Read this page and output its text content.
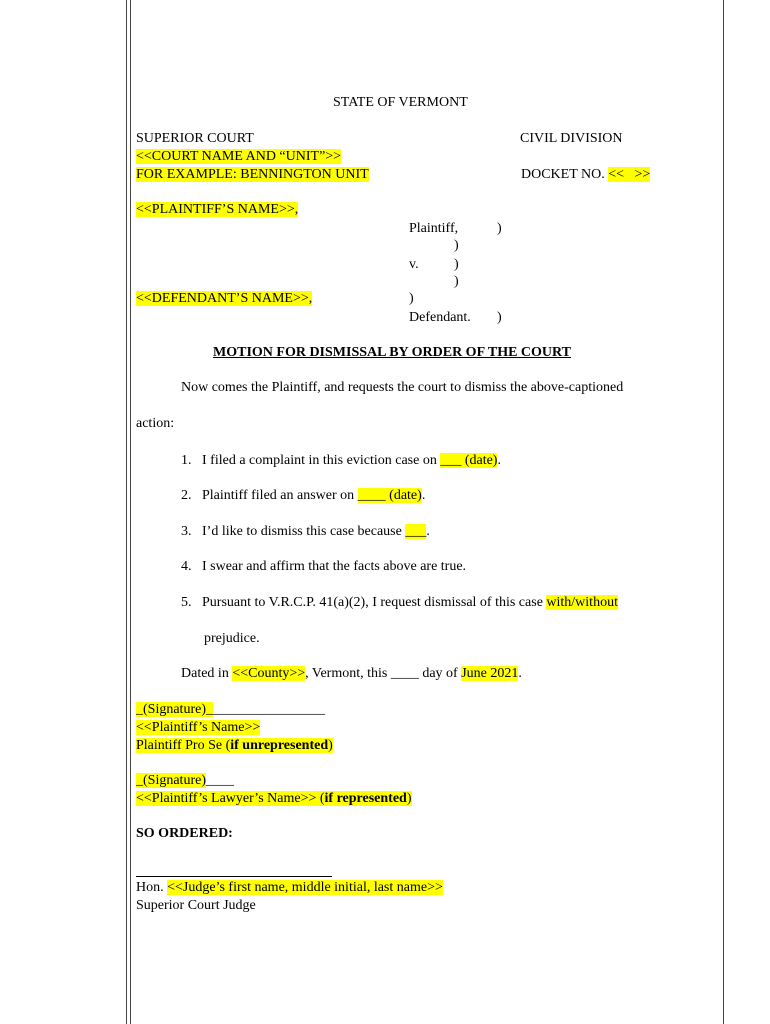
STATE OF VERMONT
SUPERIOR COURT	CIVIL DIVISION
<<COURT NAME AND “UNIT”>>
FOR EXAMPLE: BENNINGTON UNIT	DOCKET NO. <<   >>
<<PLAINTIFF’S NAME>>,
Plaintiff,	)
)
v.	)
)
<<DEFENDANT’S NAME>>,	)
Defendant. )
MOTION FOR DISMISSAL BY ORDER OF THE COURT
Now comes the Plaintiff, and requests the court to dismiss the above-captioned
action:
1. I filed a complaint in this eviction case on ___ (date).
2. Plaintiff filed an answer on ____ (date).
3. I’d like to dismiss this case because ___.
4. I swear and affirm that the facts above are true.
5. Pursuant to V.R.C.P. 41(a)(2), I request dismissal of this case with/without
prejudice.
Dated in <<County>>, Vermont, this ____ day of June 2021.
_(Signature)_________________
<<Plaintiff’s Name>>
Plaintiff Pro Se (if unrepresented)
_(Signature)____
<<Plaintiff’s Lawyer’s Name>> (if represented)
SO ORDERED:
Hon. <<Judge’s first name, middle initial, last name>>
Superior Court Judge
